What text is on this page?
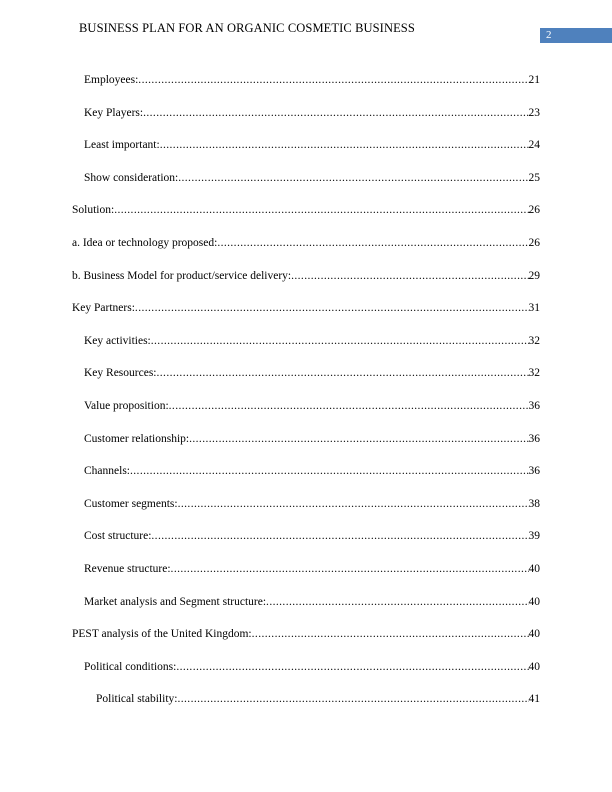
BUSINESS PLAN FOR AN ORGANIC COSMETIC BUSINESS	2
Employees: .....	21
Key Players: .....	23
Least important: .....	24
Show consideration: .....	25
Solution: .....	26
a. Idea or technology proposed: .....	26
b. Business Model for product/service delivery: .....	29
Key Partners: .....	31
Key activities: .....	32
Key Resources: .....	32
Value proposition: .....	36
Customer relationship: .....	36
Channels: .....	36
Customer segments: .....	38
Cost structure: .....	39
Revenue structure: .....	40
Market analysis and Segment structure: .....	40
PEST analysis of the United Kingdom: .....	40
Political conditions: .....	40
Political stability: .....	41
